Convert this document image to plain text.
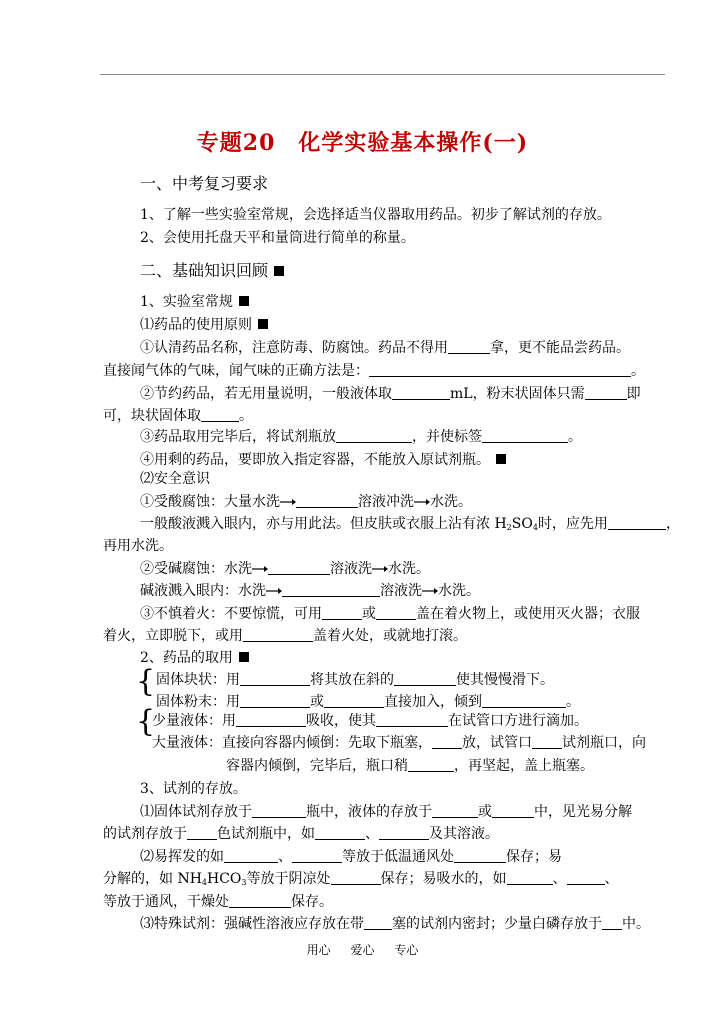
专题20　化学实验基本操作(一)
一、中考复习要求
1、了解一些实验室常规，会选择适当仪器取用药品。初步了解试剂的存放。
2、会使用托盘天平和量筒进行简单的称量。
二、基础知识回顾
1、实验室常规
⑴药品的使用原则
①认清药品名称，注意防毒、防腐蚀。药品不得用	拿，更不能品尝药品。
直接闻气体的气味，闻气味的正确方法是：	。
②节约药品，若无用量说明，一般液体取	mL，粉末状固体只需	即
可，块状固体取	。
③药品取用完毕后，将试剂瓶放	，并使标签	。
④用剩的药品，要即放入指定容器，不能放入原试剂瓶。
⑵安全意识
①受酸腐蚀：大量水洗	溶液冲洗 水洗。
一般酸液溅入眼内，亦与用此法。但皮肤或衣服上沾有浓 $H_2SO_4$时，应先用	，
再用水洗。
②受碱腐蚀：水洗	溶液洗 水洗。
碱液溅入眼内：水洗	溶液洗 水洗。
③不慎着火：不要惊慌，可用	或	盖在着火物上，或使用灭火器；衣服
着火，立即脱下，或用	盖着火处，或就地打滚。
2、药品的取用
{ 固体块状：用	将其放在斜的	使其慢慢滑下。
固体粉末：用	或	直接加入，倾到	。
{
少量液体：用	吸收，使其	在试管口方进行滴加。
大量液体：直接向容器内倾倒：先取下瓶塞， 放，试管口 试剂瓶口，向
容器内倾倒，完毕后，瓶口稍	，再坚起，盖上瓶塞。
3、试剂的存放。
⑴固体试剂存放于	瓶中，液体的存放于	或	中，见光易分解
的试剂存放于 色试剂瓶中，如	、	及其溶液。
⑵易挥发的如	、	等放于低温通风处	保存；易
分解的，如 $NH_4HCO_3$等放于阴凉处	保存；易吸水的，如	、	、
等放于通风，干燥处	保存。
⑶特殊试剂：强碱性溶液应存放在带 塞的试剂内密封；少量白磷存放于 中。
用心 爱心 专心
